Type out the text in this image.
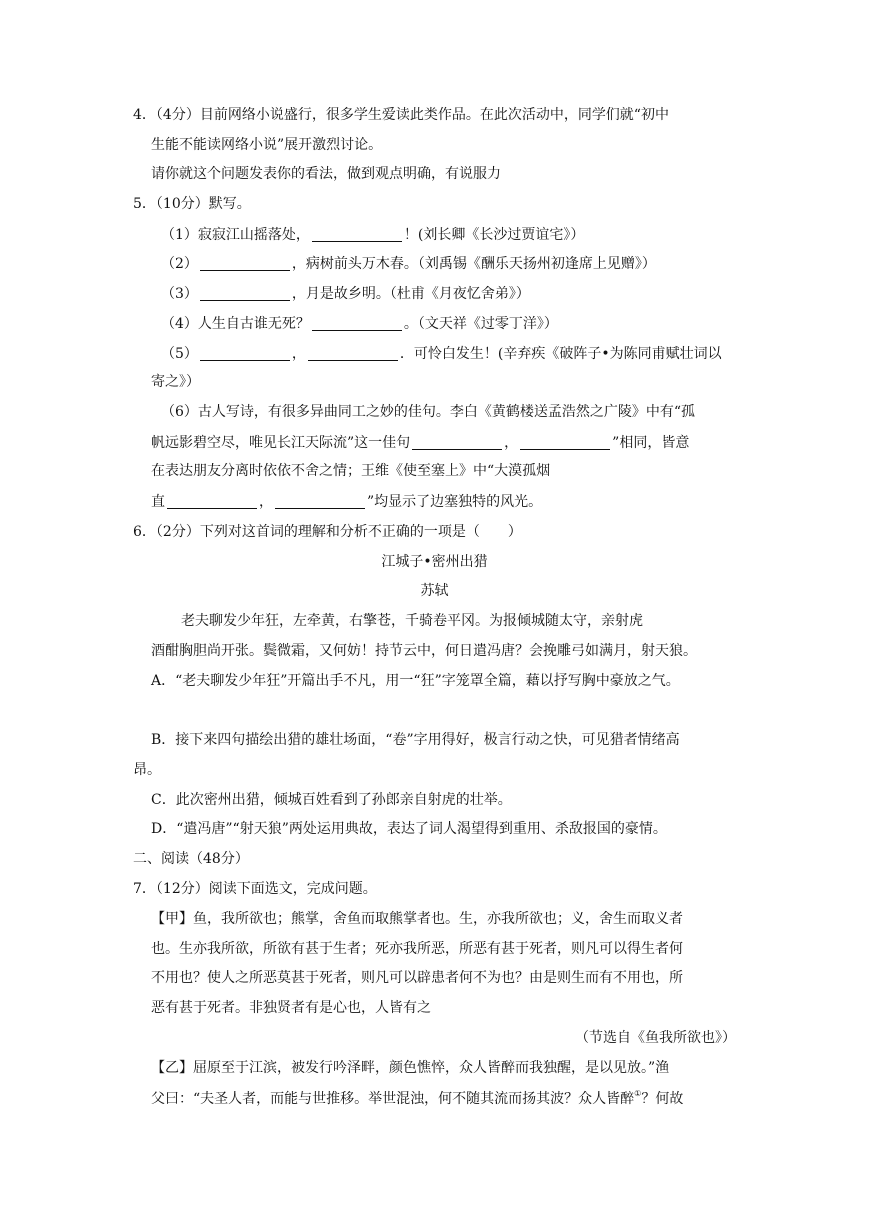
4．（4分）目前网络小说盛行，很多学生爱读此类作品。在此次活动中，同学们就“初中
生能不能读网络小说”展开激烈讨论。
请你就这个问题发表你的看法，做到观点明确，有说服力
5．（10分）默写。
（1）寂寂江山摇落处，	！(刘长卿《长沙过贾谊宅》）
（2）	，病树前头万木春。（刘禹锡《酬乐天扬州初逢席上见赠》）
（3）	，月是故乡明。（杜甫《月夜忆舍弟》）
（4）人生自古谁无死？	。（文天祥《过零丁洋》）
（5）	，	．可怜白发生！(辛弃疾《破阵子•为陈同甫赋壮词以
寄之》）
（6）古人写诗，有很多异曲同工之妙的佳句。李白《黄鹤楼送孟浩然之广陵》中有“孤
帆远影碧空尽，唯见长江天际流”这一佳句	，	”相同，皆意
在表达朋友分离时依依不舍之情；王维《使至塞上》中“大漠孤烟
直	，	”均显示了边塞独特的风光。
6．（2分）下列对这首词的理解和分析不正确的一项是（　　）
江城子•密州出猎
苏轼
老夫聊发少年狂，左牵黄，右擎苍，千骑卷平冈。为报倾城随太守，亲射虎
酒酣胸胆尚开张。鬓微霜，又何妨！持节云中，何日遣冯唐？会挽雕弓如满月，射天狼。
A．“老夫聊发少年狂”开篇出手不凡，用一“狂”字笼罩全篇，藉以抒写胸中豪放之气。
B．接下来四句描绘出猎的雄壮场面，“卷”字用得好，极言行动之快，可见猎者情绪高
昂。
C．此次密州出猎，倾城百姓看到了孙郎亲自射虎的壮举。
D．“遣冯唐”“射天狼”两处运用典故，表达了词人渴望得到重用、杀敌报国的豪情。
二、阅读（48分）
7．（12分）阅读下面选文，完成问题。
【甲】鱼，我所欲也；熊掌，舍鱼而取熊掌者也。生，亦我所欲也；义，舍生而取义者
也。生亦我所欲，所欲有甚于生者；死亦我所恶，所恶有甚于死者，则凡可以得生者何
不用也？使人之所恶莫甚于死者，则凡可以辟患者何不为也？由是则生而有不用也，所
恶有甚于死者。非独贤者有是心也，人皆有之
（节选自《鱼我所欲也》）
【乙】屈原至于江滨，被发行吟泽畔，颜色憔悴，众人皆醉而我独醒，是以见放。”渔
父曰：“夫圣人者，而能与世推移。举世混浊，何不随其流而扬其波？众人皆醉①？何故
